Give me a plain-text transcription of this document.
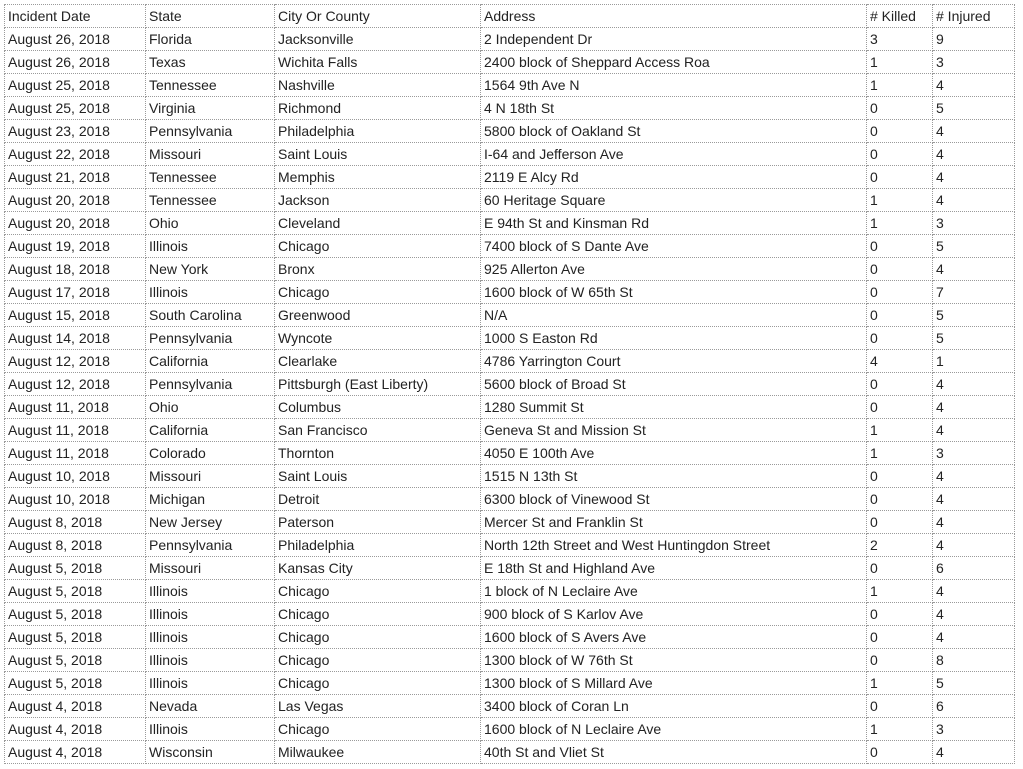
Incident Date	State	City Or County	Address	# Killed	# Injured
August 26, 2018	Florida	Jacksonville	2 Independent Dr	3	9
August 26, 2018	Texas	Wichita Falls	2400 block of Sheppard Access Roa	1	3
August 25, 2018	Tennessee	Nashville	1564 9th Ave N	1	4
August 25, 2018	Virginia	Richmond	4 N 18th St	0	5
August 23, 2018	Pennsylvania	Philadelphia	5800 block of Oakland St	0	4
August 22, 2018	Missouri	Saint Louis	I-64 and Jefferson Ave	0	4
August 21, 2018	Tennessee	Memphis	2119 E Alcy Rd	0	4
August 20, 2018	Tennessee	Jackson	60 Heritage Square	1	4
August 20, 2018	Ohio	Cleveland	E 94th St and Kinsman Rd	1	3
August 19, 2018	Illinois	Chicago	7400 block of S Dante Ave	0	5
August 18, 2018	New York	Bronx	925 Allerton Ave	0	4
August 17, 2018	Illinois	Chicago	1600 block of W 65th St	0	7
August 15, 2018	South Carolina	Greenwood	N/A	0	5
August 14, 2018	Pennsylvania	Wyncote	1000 S Easton Rd	0	5
August 12, 2018	California	Clearlake	4786 Yarrington Court	4	1
August 12, 2018	Pennsylvania	Pittsburgh (East Liberty)	5600 block of Broad St	0	4
August 11, 2018	Ohio	Columbus	1280 Summit St	0	4
August 11, 2018	California	San Francisco	Geneva St and Mission St	1	4
August 11, 2018	Colorado	Thornton	4050 E 100th Ave	1	3
August 10, 2018	Missouri	Saint Louis	1515 N 13th St	0	4
August 10, 2018	Michigan	Detroit	6300 block of Vinewood St	0	4
August 8, 2018	New Jersey	Paterson	Mercer St and Franklin St	0	4
August 8, 2018	Pennsylvania	Philadelphia	North 12th Street and West Huntingdon Street	2	4
August 5, 2018	Missouri	Kansas City	E 18th St and Highland Ave	0	6
August 5, 2018	Illinois	Chicago	1 block of N Leclaire Ave	1	4
August 5, 2018	Illinois	Chicago	900 block of S Karlov Ave	0	4
August 5, 2018	Illinois	Chicago	1600 block of S Avers Ave	0	4
August 5, 2018	Illinois	Chicago	1300 block of W 76th St	0	8
August 5, 2018	Illinois	Chicago	1300 block of S Millard Ave	1	5
August 4, 2018	Nevada	Las Vegas	3400 block of Coran Ln	0	6
August 4, 2018	Illinois	Chicago	1600 block of N Leclaire Ave	1	3
August 4, 2018	Wisconsin	Milwaukee	40th St and Vliet St	0	4
